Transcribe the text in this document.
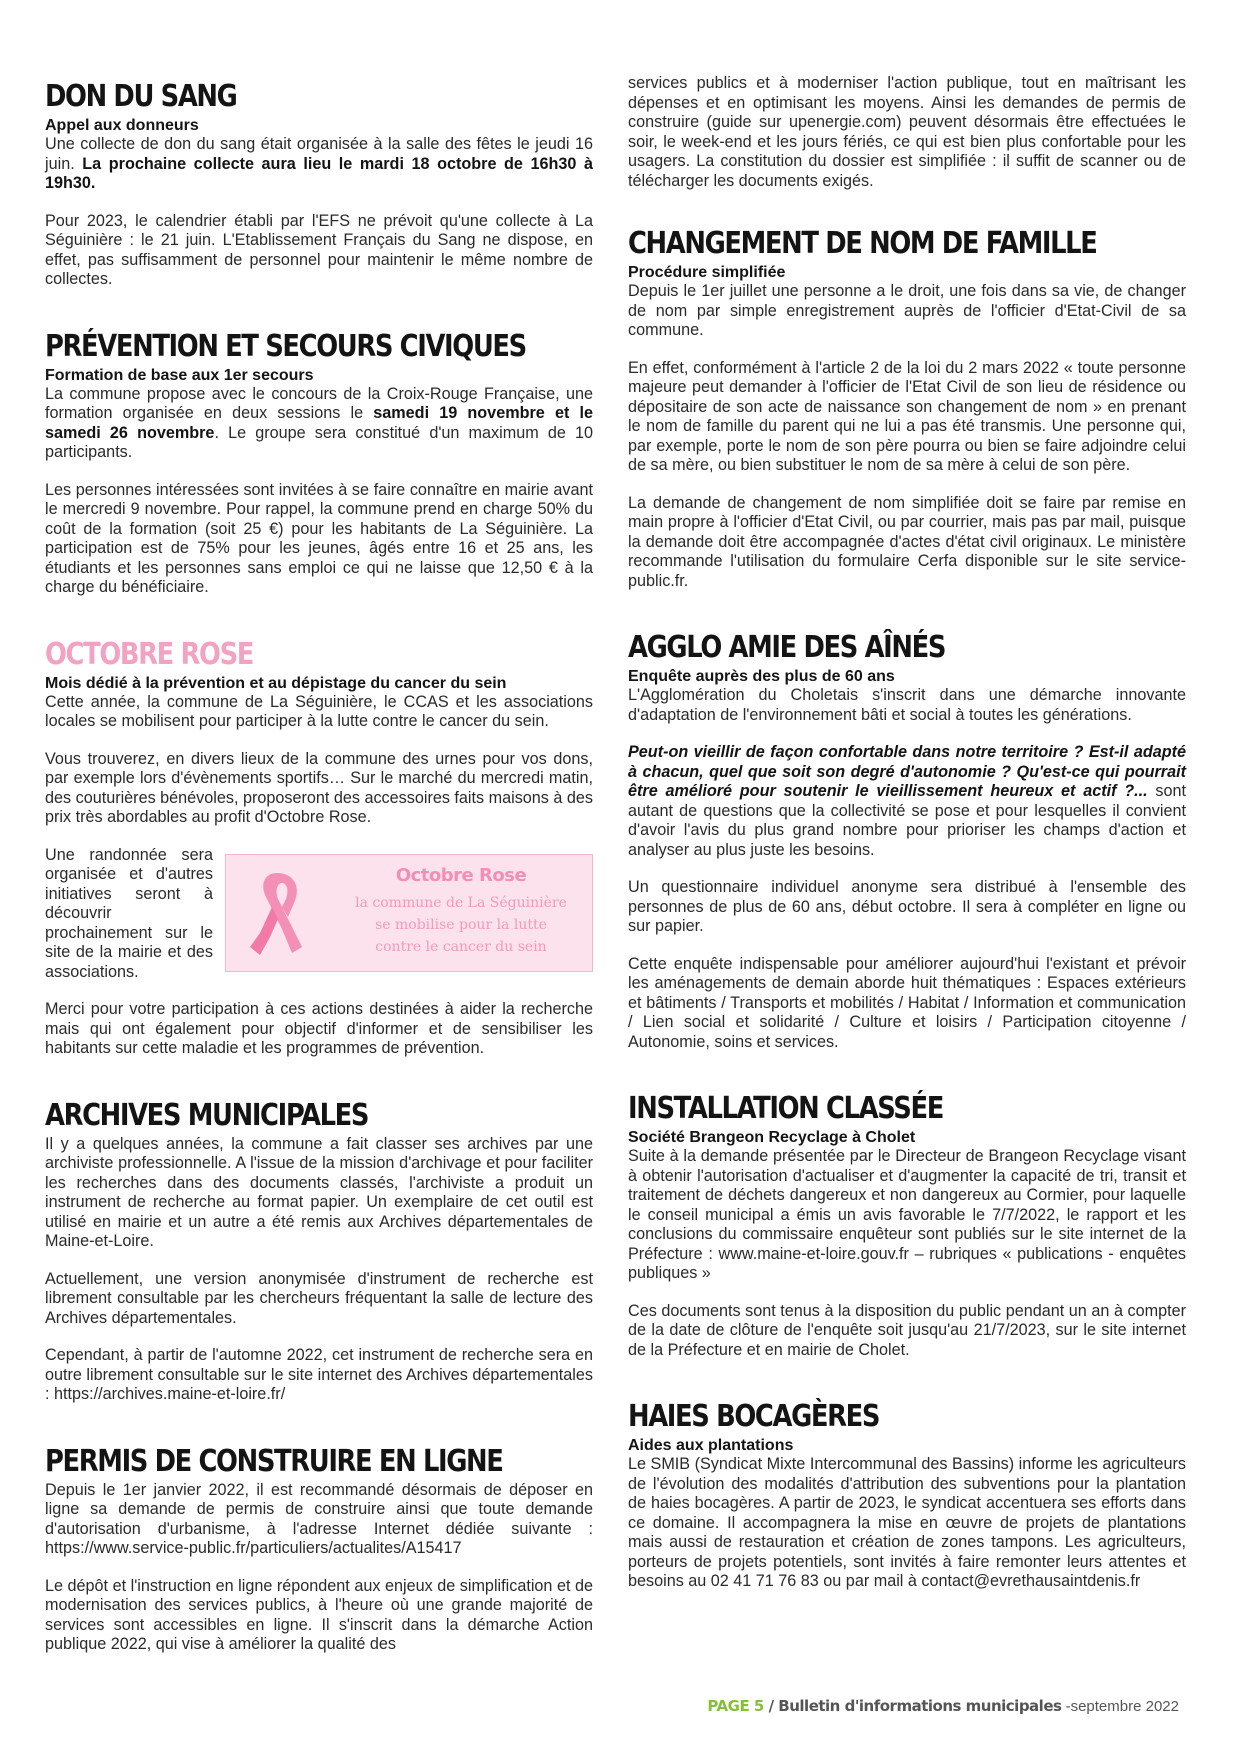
DON DU SANG
Appel aux donneurs

Une collecte de don du sang était organisée à la salle des fêtes le jeudi 16 juin. La prochaine collecte aura lieu le mardi 18 octobre de 16h30 à 19h30.

Pour 2023, le calendrier établi par l'EFS ne prévoit qu'une collecte à La Séguinière : le 21 juin. L'Etablissement Français du Sang ne dispose, en effet, pas suffisamment de personnel pour maintenir le même nombre de collectes.

PRÉVENTION ET SECOURS CIVIQUES
Formation de base aux 1er secours

La commune propose avec le concours de la Croix-Rouge Française, une formation organisée en deux sessions le samedi 19 novembre et le samedi 26 novembre. Le groupe sera constitué d'un maximum de 10 participants.

Les personnes intéressées sont invitées à se faire connaître en mairie avant le mercredi 9 novembre. Pour rappel, la commune prend en charge 50% du coût de la formation (soit 25 €) pour les habitants de La Séguinière. La participation est de 75% pour les jeunes, âgés entre 16 et 25 ans, les étudiants et les personnes sans emploi ce qui ne laisse que 12,50 € à la charge du bénéficiaire.

OCTOBRE ROSE
Mois dédié à la prévention et au dépistage du cancer du sein

Cette année, la commune de La Séguinière, le CCAS et les associations locales se mobilisent pour participer à la lutte contre le cancer du sein.

Vous trouverez, en divers lieux de la commune des urnes pour vos dons, par exemple lors d'évènements sportifs… Sur le marché du mercredi matin, des couturières bénévoles, proposeront des accessoires faits maisons à des prix très abordables au profit d'Octobre Rose.

Une randonnée sera organisée et d'autres initiatives seront à découvrir prochainement sur le site de la mairie et des associations.

Octobre Rose
la commune de La Séguinière
se mobilise pour la lutte
contre le cancer du sein

Merci pour votre participation à ces actions destinées à aider la recherche mais qui ont également pour objectif d'informer et de sensibiliser les habitants sur cette maladie et les programmes de prévention.

ARCHIVES MUNICIPALES

Il y a quelques années, la commune a fait classer ses archives par une archiviste professionnelle. A l'issue de la mission d'archivage et pour faciliter les recherches dans des documents classés, l'archiviste a produit un instrument de recherche au format papier. Un exemplaire de cet outil est utilisé en mairie et un autre a été remis aux Archives départementales de Maine-et-Loire.

Actuellement, une version anonymisée d'instrument de recherche est librement consultable par les chercheurs fréquentant la salle de lecture des Archives départementales.

Cependant, à partir de l'automne 2022, cet instrument de recherche sera en outre librement consultable sur le site internet des Archives départementales : https://archives.maine-et-loire.fr/

PERMIS DE CONSTRUIRE EN LIGNE

Depuis le 1er janvier 2022, il est recommandé désormais de déposer en ligne sa demande de permis de construire ainsi que toute demande d'autorisation d'urbanisme, à l'adresse Internet dédiée suivante : https://www.service-public.fr/particuliers/actualites/A15417

Le dépôt et l'instruction en ligne répondent aux enjeux de simplification et de modernisation des services publics, à l'heure où une grande majorité de services sont accessibles en ligne. Il s'inscrit dans la démarche Action publique 2022, qui vise à améliorer la qualité des

services publics et à moderniser l'action publique, tout en maîtrisant les dépenses et en optimisant les moyens. Ainsi les demandes de permis de construire (guide sur upenergie.com) peuvent désormais être effectuées le soir, le week-end et les jours fériés, ce qui est bien plus confortable pour les usagers. La constitution du dossier est simplifiée : il suffit de scanner ou de télécharger les documents exigés.

CHANGEMENT DE NOM DE FAMILLE
Procédure simplifiée

Depuis le 1er juillet une personne a le droit, une fois dans sa vie, de changer de nom par simple enregistrement auprès de l'officier d'Etat-Civil de sa commune.

En effet, conformément à l'article 2 de la loi du 2 mars 2022 « toute personne majeure peut demander à l'officier de l'Etat Civil de son lieu de résidence ou dépositaire de son acte de naissance son changement de nom » en prenant le nom de famille du parent qui ne lui a pas été transmis. Une personne qui, par exemple, porte le nom de son père pourra ou bien se faire adjoindre celui de sa mère, ou bien substituer le nom de sa mère à celui de son père.

La demande de changement de nom simplifiée doit se faire par remise en main propre à l'officier d'Etat Civil, ou par courrier, mais pas par mail, puisque la demande doit être accompagnée d'actes d'état civil originaux. Le ministère recommande l'utilisation du formulaire Cerfa disponible sur le site service-public.fr.

AGGLO AMIE DES AÎNÉS
Enquête auprès des plus de 60 ans

L'Agglomération du Choletais s'inscrit dans une démarche innovante d'adaptation de l'environnement bâti et social à toutes les générations.

Peut-on vieillir de façon confortable dans notre territoire ? Est-il adapté à chacun, quel que soit son degré d'autonomie ? Qu'est-ce qui pourrait être amélioré pour soutenir le vieillissement heureux et actif ?... sont autant de questions que la collectivité se pose et pour lesquelles il convient d'avoir l'avis du plus grand nombre pour prioriser les champs d'action et analyser au plus juste les besoins.

Un questionnaire individuel anonyme sera distribué à l'ensemble des personnes de plus de 60 ans, début octobre. Il sera à compléter en ligne ou sur papier.

Cette enquête indispensable pour améliorer aujourd'hui l'existant et prévoir les aménagements de demain aborde huit thématiques : Espaces extérieurs et bâtiments / Transports et mobilités / Habitat / Information et communication / Lien social et solidarité / Culture et loisirs / Participation citoyenne / Autonomie, soins et services.

INSTALLATION CLASSÉE
Société Brangeon Recyclage à Cholet

Suite à la demande présentée par le Directeur de Brangeon Recyclage visant à obtenir l'autorisation d'actualiser et d'augmenter la capacité de tri, transit et traitement de déchets dangereux et non dangereux au Cormier, pour laquelle le conseil municipal a émis un avis favorable le 7/7/2022, le rapport et les conclusions du commissaire enquêteur sont publiés sur le site internet de la Préfecture : www.maine-et-loire.gouv.fr – rubriques « publications - enquêtes publiques »

Ces documents sont tenus à la disposition du public pendant un an à compter de la date de clôture de l'enquête soit jusqu'au 21/7/2023, sur le site internet de la Préfecture et en mairie de Cholet.

HAIES BOCAGÈRES
Aides aux plantations

Le SMIB (Syndicat Mixte Intercommunal des Bassins) informe les agriculteurs de l'évolution des modalités d'attribution des subventions pour la plantation de haies bocagères. A partir de 2023, le syndicat accentuera ses efforts dans ce domaine. Il accompagnera la mise en œuvre de projets de plantations mais aussi de restauration et création de zones tampons. Les agriculteurs, porteurs de projets potentiels, sont invités à faire remonter leurs attentes et besoins au 02 41 71 76 83 ou par mail à contact@evrethausaintdenis.fr

PAGE 5 / Bulletin d'informations municipales -septembre 2022
